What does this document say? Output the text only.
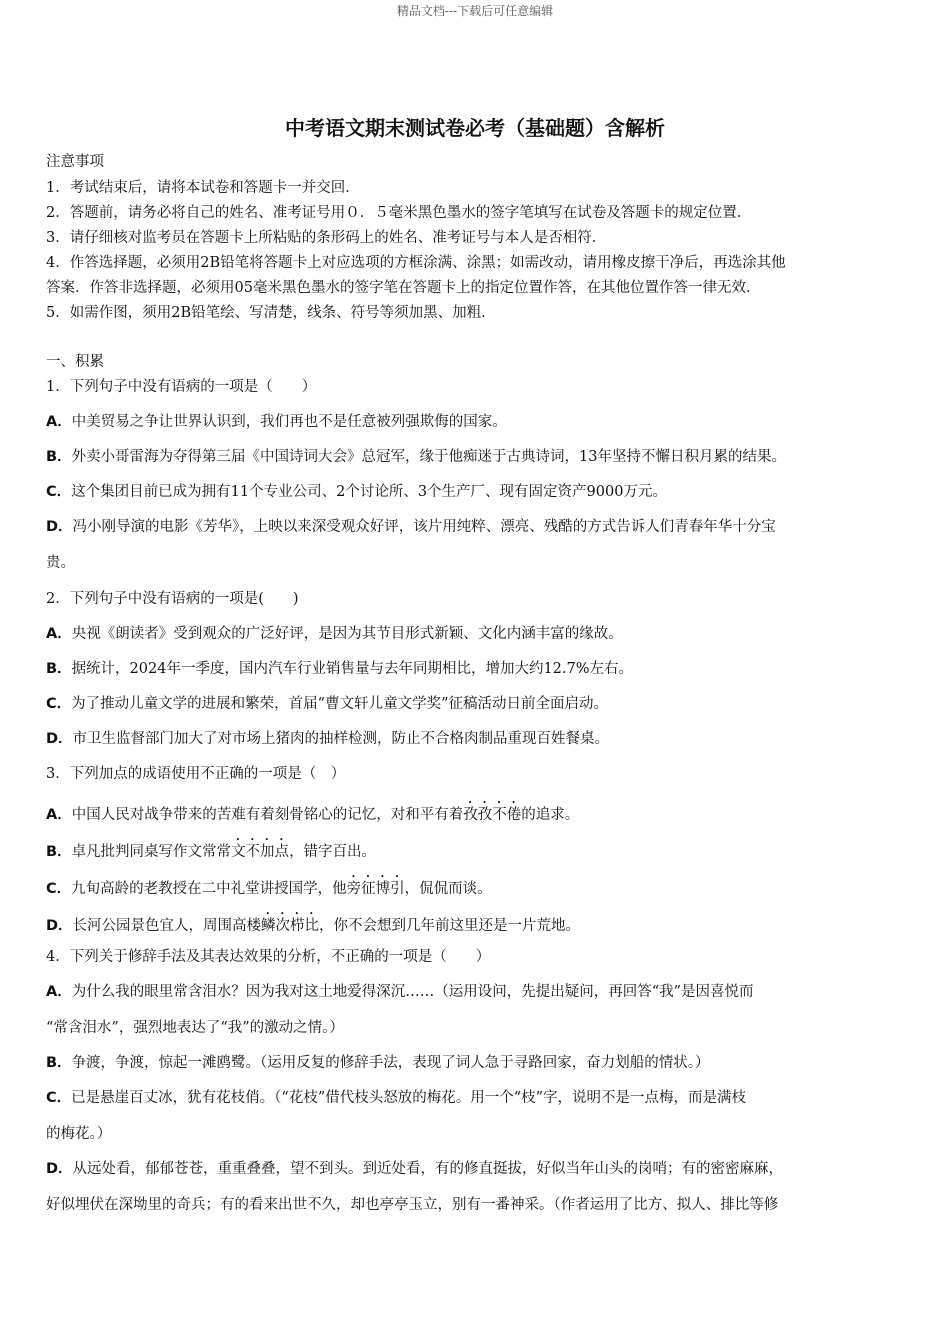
精品文档---下载后可任意编辑
中考语文期末测试卷必考（基础题）含解析
注意事项
1．考试结束后，请将本试卷和答题卡一并交回．
2．答题前，请务必将自己的姓名、准考证号用０．５毫米黑色墨水的签字笔填写在试卷及答题卡的规定位置．
3．请仔细核对监考员在答题卡上所粘贴的条形码上的姓名、准考证号与本人是否相符．
4．作答选择题，必须用2B铅笔将答题卡上对应选项的方框涂满、涂黑；如需改动，请用橡皮擦干净后，再选涂其他
答案．作答非选择题，必须用05毫米黑色墨水的签字笔在答题卡上的指定位置作答，在其他位置作答一律无效．
5．如需作图，须用2B铅笔绘、写清楚，线条、符号等须加黑、加粗．
一、积累
1．下列句子中没有语病的一项是（　　）
A．中美贸易之争让世界认识到，我们再也不是任意被列强欺侮的国家。
B．外卖小哥雷海为夺得第三届《中国诗词大会》总冠军，缘于他痴迷于古典诗词，13年坚持不懈日积月累的结果。
C．这个集团目前已成为拥有11个专业公司、2个讨论所、3个生产厂、现有固定资产9000万元。
D．冯小刚导演的电影《芳华》，上映以来深受观众好评，该片用纯粹、漂亮、残酷的方式告诉人们青春年华十分宝
贵。
2．下列句子中没有语病的一项是(　　)
A．央视《朗读者》受到观众的广泛好评，是因为其节目形式新颖、文化内涵丰富的缘故。
B．据统计，2024年一季度，国内汽车行业销售量与去年同期相比，增加大约12.7%左右。
C．为了推动儿童文学的进展和繁荣，首届“曹文轩儿童文学奖”征稿活动日前全面启动。
D．市卫生监督部门加大了对市场上猪肉的抽样检测，防止不合格肉制品重现百姓餐桌。
3．下列加点的成语使用不正确的一项是（　）
A．中国人民对战争带来的苦难有着刻骨铭心的记忆，对和平有着孜孜不倦的追求。
B．卓凡批判同桌写作文常常文不加点，错字百出。
C．九旬高龄的老教授在二中礼堂讲授国学，他旁征博引，侃侃而谈。
D．长河公园景色宜人，周围高楼鳞次栉比，你不会想到几年前这里还是一片荒地。
4．下列关于修辞手法及其表达效果的分析，不正确的一项是（　　）
A．为什么我的眼里常含泪水？因为我对这土地爱得深沉……（运用设问，先提出疑问，再回答“我”是因喜悦而
“常含泪水”，强烈地表达了“我”的激动之情。）
B．争渡，争渡，惊起一滩鸥鹭。（运用反复的修辞手法，表现了词人急于寻路回家，奋力划船的情状。）
C．已是悬崖百丈冰，犹有花枝俏。（“花枝”借代枝头怒放的梅花。用一个“枝”字，说明不是一点梅，而是满枝
的梅花。）
D．从远处看，郁郁苍苍，重重叠叠，望不到头。到近处看，有的修直挺拔，好似当年山头的岗哨；有的密密麻麻，
好似埋伏在深坳里的奇兵；有的看来出世不久，却也亭亭玉立，别有一番神采。（作者运用了比方、拟人、排比等修
